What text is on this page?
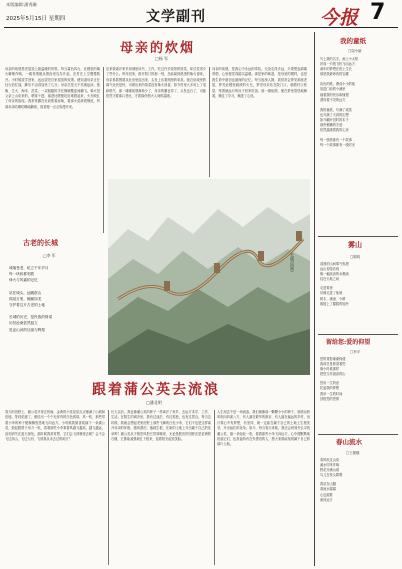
本版编辑:潘秀珊
2025年5月15日 星期四	文学副刊	今报 7
母亲的炊烟
□杨 军
母亲的炊烟是老屋顶上最温暖的风景。每当暮色四合，灶膛里的柴火噼啪作响，一缕青烟便从烟囱里袅袅升起，在村庄上空慢慢散开。小时候放学回家，远远望见自家屋顶的炊烟，便知道母亲正在灶台前忙碌，脚步不由得加快了几分。母亲总是天不亮就起床，抱柴、生火、淘米、洗菜，一双粗糙的手在锅碗瓢盆间翻飞。柴火是父亲上山砍来的，晒得干透，塞进灶膛便旺旺地燃起来，火光映红了母亲的脸庞。我常常蹲在灶前帮着添柴，看那火苗舔着锅底，听那米汤咕嘟咕嘟地翻滚，饭香便一点点弥漫开来。
后来我离开家乡到城里读书、工作，吃过许多饭馆的饭菜，却总觉得少了些什么。每年回家，推开院门的那一刻，总能闻到熟悉的柴火香味，母亲系着围裙从灶房里迎出来，头发上沾着细细的草灰。她总说城里的煤气灶快是快，可做出来的饭菜没有柴火饭香。如今村里大多用上了电和燃气，那一缕缕炊烟渐渐少了，母亲的腰也弯了，头发也白了，可她依然守着那口老灶，守着那份烟火人间的温暖。
母亲的炊烟，是我心中永远的牵挂。无论走得多远，只要想起那缕青烟，心里便觉得踏实温暖。那是家的味道，是母爱的模样，也是我生命中最初也最深的记忆。每当夜深人静，我常常会梦见那座老屋，梦见灶膛里跳跃的火光，梦见母亲站在院门口，朝着村口张望，等着她远行的孩子回家吃饭。那一缕炊烟，便在梦里悠悠地飘着，飘过了岁月，飘进了心底。
古老的长城
□李 军
城墙苍老，屹立千年岁月
每一块砖都刻着
烽火与风霜的记忆
站在城头，远眺群山
绵延万里，蜿蜒如龙
守护着这片古老的土地
长城的历史，是民族的脊梁
历经沧桑依然挺立
见证山河的壮丽与辉煌
长城(国画)
跟着蒲公英去流浪
□潘北明
春天的田野上，蒲公英开得正热闹，金黄的小花星星点点铺满了山坡和田埂。等到花谢了，便结出一个个毛茸茸的白色绒球，风一吹，那些带着小伞的种子便飘飘悠悠地飞向远方。小时候我最喜欢摘下一朵蒲公英，鼓起腮帮子用力一吹，看着那些小伞乘着风越飞越高，越飞越远，直到消失在蓝天深处。那时候我常常想，它们会飞到哪里去呢？会不会飞过高山，飞过大河，飞到我从未去过的地方？
长大以后，我也像蒲公英的种子一样离开了家乡，去远方求学、工作、生活。在陌生的城市里，我有过迷茫，有过孤独，也有过思念。每当这时候，我就会想起老家田野上那些飞舞的白色小伞，它们不也是这样离开母亲的怀抱，随风漂泊，落地生根，在新的土地上开出属于自己的花朵吗？蒲公英从不抱怨风把它带到哪里，无论是肥沃的田野还是贫瘠的石缝，它都能顽强地扎下根来，迎着阳光绽放笑脸。
人生何尝不是一场流浪。我们就像那一颗颗小小的种子，被命运的风吹向四面八方，有人落在繁华的都市，有人落在偏远的乡村，但只要心中有梦想，有坚持，就一定能在属于自己的土地上生根发芽，开出灿烂的花朵。如今，每当春天来临，我还会到郊外去寻找蒲公英，摘一朵轻轻一吹，看着那些小伞飞向远方，心中便默默地祝福它们，也祝福所有在外漂泊的人，愿大家都能找到属于自己的那片土地。
我的童纸
□周小丽
写上我的名字，画上小太阳
折成一只纸飞机飞向远方
童年的梦想在纸上生长
那是我最珍贵的宝藏
彩色的纸，叠成小小的船
放进门前的小溪里
载着我的快乐和憧憬
漂向看不见的远方
我的童纸，写满了欢笑
也写满了天真的幻想
如今翻开旧时的本子
那些稚嫩的字迹
依然温暖着我的心房
每一张纸都有一个故事
每一个故事都有一段时光
雾山
□陈明
清晨的山间雾气弥漫
远山若隐若现
像一幅淡淡的水墨画
挂在天地之间
走进雾里
仿佛走进了仙境
树木、溪流、小路
都披上了朦胧的轻纱
留给您:爱的仰望
□李平
您的背影渐渐佝偻
我却总是仰望着您
像小时候那样
把您当作最高的山
您用一生的爱
托起我的梦想
我用一生的时间
回报您的恩情
春山流水
□王妮娜
春风吹过山岗
溪水叮咚作响
野花开满山坡
鸟儿在枝头歌唱
我站在山腰
看流水潺潺
心也跟着
流向远方
